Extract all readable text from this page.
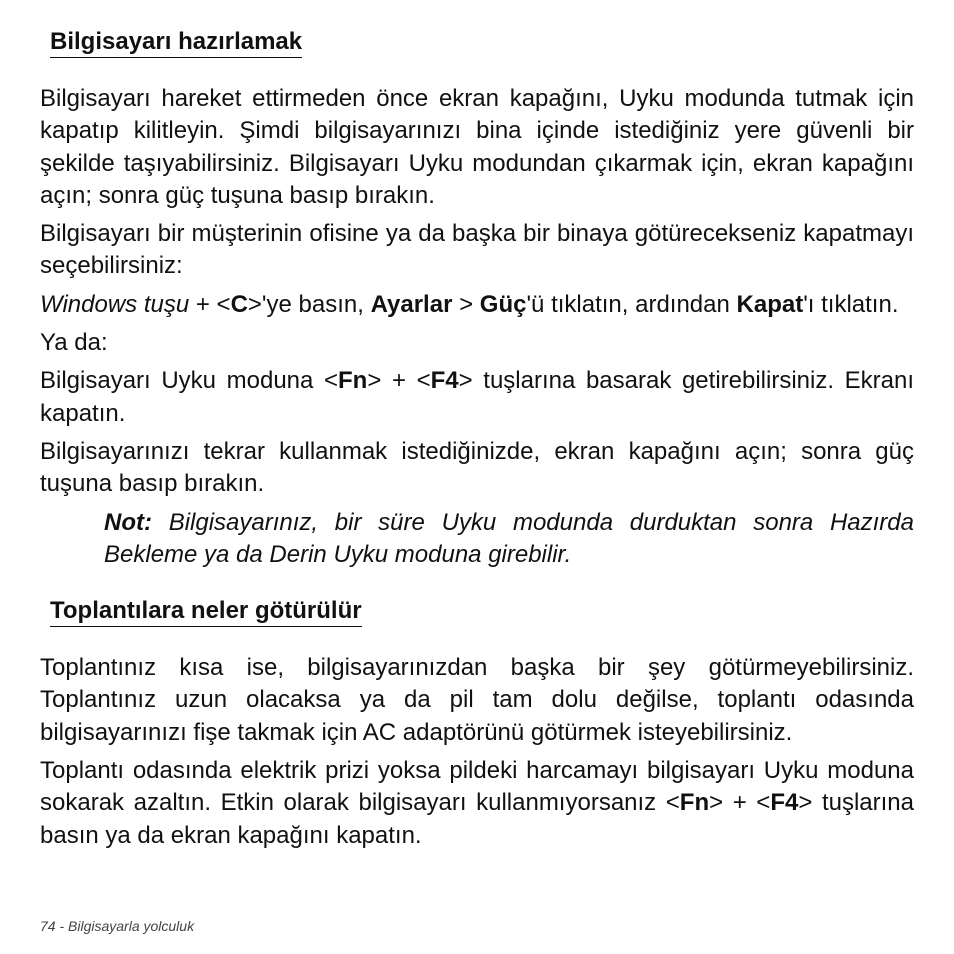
Bilgisayarı hazırlamak

Bilgisayarı hareket ettirmeden önce ekran kapağını, Uyku modunda tutmak için kapatıp kilitleyin. Şimdi bilgisayarınızı bina içinde istediğiniz yere güvenli bir şekilde taşıyabilirsiniz. Bilgisayarı Uyku modundan çıkarmak için, ekran kapağını açın; sonra güç tuşuna basıp bırakın.

Bilgisayarı bir müşterinin ofisine ya da başka bir binaya götürecekseniz kapatmayı seçebilirsiniz:

Windows tuşu + <C>'ye basın, Ayarlar > Güç'ü tıklatın, ardından Kapat'ı tıklatın.

Ya da:

Bilgisayarı Uyku moduna <Fn> + <F4> tuşlarına basarak getirebilirsiniz. Ekranı kapatın.

Bilgisayarınızı tekrar kullanmak istediğinizde, ekran kapağını açın; sonra güç tuşuna basıp bırakın.

Not: Bilgisayarınız, bir süre Uyku modunda durduktan sonra Hazırda Bekleme ya da Derin Uyku moduna girebilir.

Toplantılara neler götürülür

Toplantınız kısa ise, bilgisayarınızdan başka bir şey götürmeyebilirsiniz. Toplantınız uzun olacaksa ya da pil tam dolu değilse, toplantı odasında bilgisayarınızı fişe takmak için AC adaptörünü götürmek isteyebilirsiniz.

Toplantı odasında elektrik prizi yoksa pildeki harcamayı bilgisayarı Uyku moduna sokarak azaltın. Etkin olarak bilgisayarı kullanmıyorsanız <Fn> + <F4> tuşlarına basın ya da ekran kapağını kapatın.

74 - Bilgisayarla yolculuk
